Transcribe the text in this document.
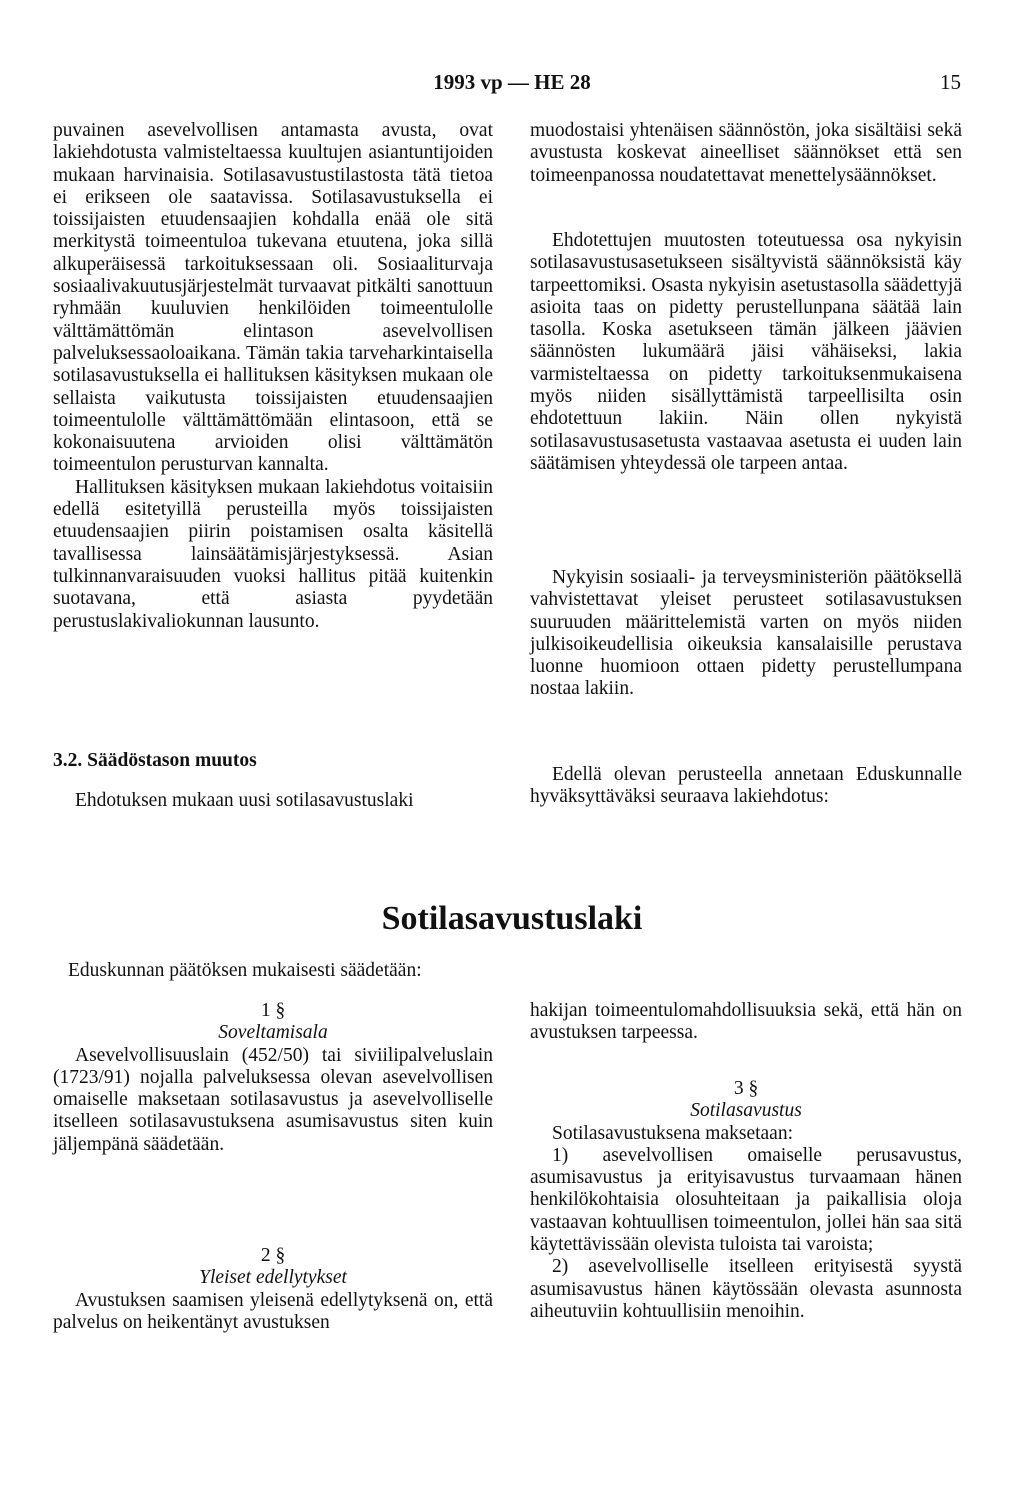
1993 vp — HE 28	15

puvainen asevelvollisen antamasta avusta, ovat lakiehdotusta valmisteltaessa kuultujen asiantuntijoiden mukaan harvinaisia. Sotilasavustustilastosta tätä tietoa ei erikseen ole saatavissa. Sotilasavustuksella ei toissijaisten etuudensaajien kohdalla enää ole sitä merkitystä toimeentuloa tukevana etuutena, joka sillä alkuperäisessä tarkoituksessaan oli. Sosiaaliturvaja sosiaalivakuutusjärjestelmät turvaavat pitkälti sanottuun ryhmään kuuluvien henkilöiden toimeentulolle välttämättömän elintason asevelvollisen palveluksessaoloaikana. Tämän takia tarveharkintaisella sotilasavustuksella ei hallituksen käsityksen mukaan ole sellaista vaikutusta toissijaisten etuudensaajien toimeentulolle välttämättömään elintasoon, että se kokonaisuutena arvioiden olisi välttämätön toimeentulon perusturvan kannalta.

Hallituksen käsityksen mukaan lakiehdotus voitaisiin edellä esitetyillä perusteilla myös toissijaisten etuudensaajien piirin poistamisen osalta käsitellä tavallisessa lainsäätämisjärjestyksessä. Asian tulkinnanvaraisuuden vuoksi hallitus pitää kuitenkin suotavana, että asiasta pyydetään perustuslakivaliokunnan lausunto.

3.2. Säädöstason muutos

Ehdotuksen mukaan uusi sotilasavustuslaki

muodostaisi yhtenäisen säännöstön, joka sisältäisi sekä avustusta koskevat aineelliset säännökset että sen toimeenpanossa noudatettavat menettelysäännökset.

Ehdotettujen muutosten toteutuessa osa nykyisin sotilasavustusasetukseen sisältyvistä säännöksistä käy tarpeettomiksi. Osasta nykyisin asetustasolla säädettyjä asioita taas on pidetty perustellunpana säätää lain tasolla. Koska asetukseen tämän jälkeen jäävien säännösten lukumäärä jäisi vähäiseksi, lakia varmisteltaessa on pidetty tarkoituksenmukaisena myös niiden sisällyttämistä tarpeellisilta osin ehdotettuun lakiin. Näin ollen nykyistä sotilasavustusasetusta vastaavaa asetusta ei uuden lain säätämisen yhteydessä ole tarpeen antaa.

Nykyisin sosiaali- ja terveysministeriön päätöksellä vahvistettavat yleiset perusteet sotilasavustuksen suuruuden määrittelemistä varten on myös niiden julkisoikeudellisia oikeuksia kansalaisille perustava luonne huomioon ottaen pidetty perustellumpana nostaa lakiin.

Edellä olevan perusteella annetaan Eduskunnalle hyväksyttäväksi seuraava lakiehdotus:

Sotilasavustuslaki
Eduskunnan päätöksen mukaisesti säädetään:

1 §

Soveltamisala

Asevelvollisuuslain (452/50) tai siviilipalveluslain (1723/91) nojalla palveluksessa olevan asevelvollisen omaiselle maksetaan sotilasavustus ja asevelvolliselle itselleen sotilasavustuksena asumisavustus siten kuin jäljempänä säädetään.

2 §

Yleiset edellytykset

Avustuksen saamisen yleisenä edellytyksenä on, että palvelus on heikentänyt avustuksen

hakijan toimeentulomahdollisuuksia sekä, että hän on avustuksen tarpeessa.

3 §

Sotilasavustus

Sotilasavustuksena maksetaan:

1) asevelvollisen omaiselle perusavustus, asumisavustus ja erityisavustus turvaamaan hänen henkilökohtaisia olosuhteitaan ja paikallisia oloja vastaavan kohtuullisen toimeentulon, jollei hän saa sitä käytettävissään olevista tuloista tai varoista;

2) asevelvolliselle itselleen erityisestä syystä asumisavustus hänen käytössään olevasta asunnosta aiheutuviin kohtuullisiin menoihin.
